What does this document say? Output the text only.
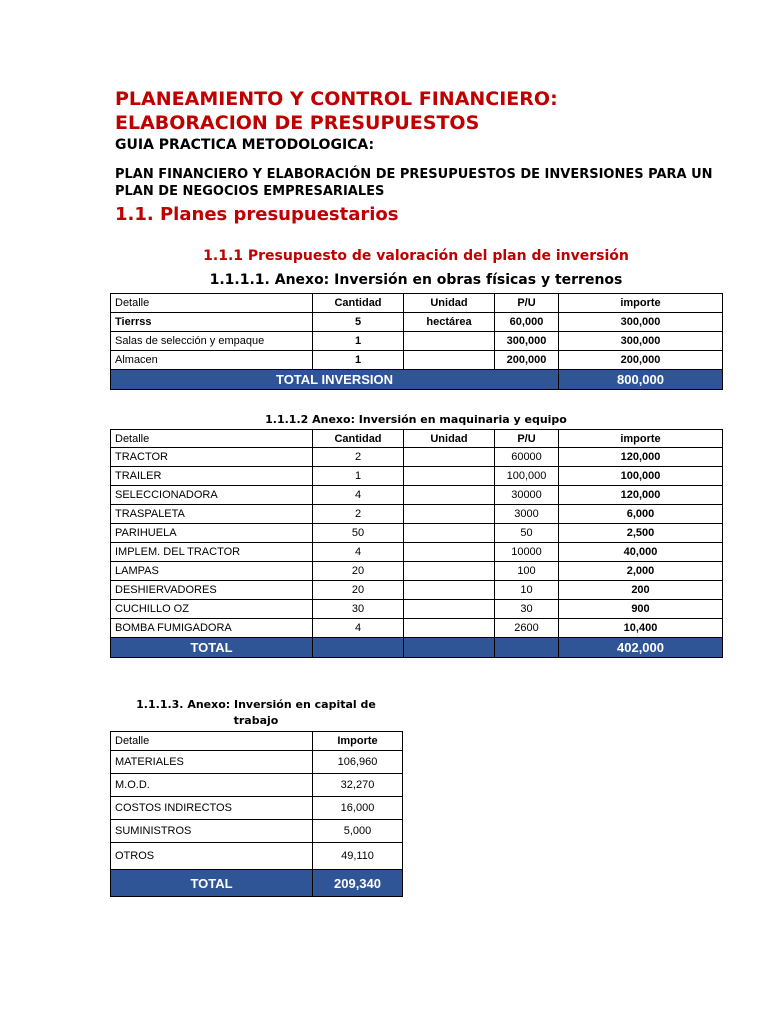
PLANEAMIENTO Y CONTROL FINANCIERO: ELABORACION DE PRESUPUESTOS

GUIA PRACTICA METODOLOGICA:

PLAN FINANCIERO Y ELABORACIÓN DE PRESUPUESTOS DE INVERSIONES PARA UN PLAN DE NEGOCIOS EMPRESARIALES

1.1. Planes presupuestarios
1.1.1 Presupuesto de valoración del plan de inversión

1.1.1.1. Anexo: Inversión en obras físicas y terrenos

Detalle	Cantidad	Unidad	P/U	importe
Tierrss	5	hectárea	60,000	300,000
Salas de selección y empaque	1		300,000	300,000
Almacen	1		200,000	200,000
TOTAL INVERSION				800,000

1.1.1.2 Anexo: Inversión en maquinaria y equipo

Detalle	Cantidad	Unidad	P/U	importe
TRACTOR	2		60000	120,000
TRAILER	1		100,000	100,000
SELECCIONADORA	4		30000	120,000
TRASPALETA	2		3000	6,000
PARIHUELA	50		50	2,500
IMPLEM. DEL TRACTOR	4		10000	40,000
LAMPAS	20		100	2,000
DESHIERVADORES	20		10	200
CUCHILLO OZ	30		30	900
BOMBA FUMIGADORA	4		2600	10,400
TOTAL				402,000

1.1.1.3. Anexo: Inversión en capital de trabajo

Detalle	Importe
MATERIALES	106,960
M.O.D.	32,270
COSTOS INDIRECTOS	16,000
SUMINISTROS	5,000
OTROS	49,110
TOTAL	209,340
